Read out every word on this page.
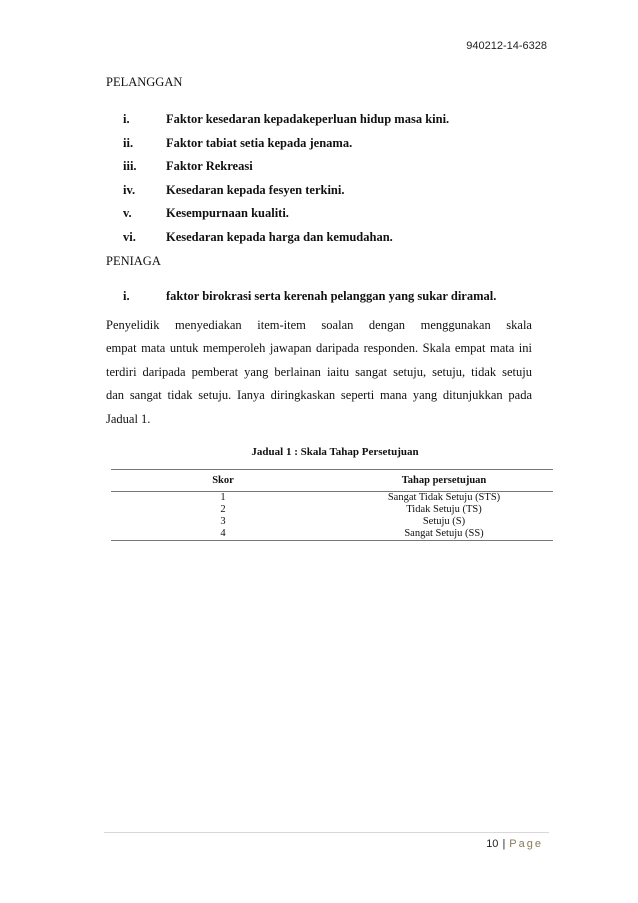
940212-14-6328
PELANGGAN
i.	Faktor kesedaran kepadakeperluan hidup masa kini.
ii.	Faktor tabiat setia kepada jenama.
iii. Faktor Rekreasi
iv. Kesedaran kepada fesyen terkini.
v.	Kesempurnaan kualiti.
vi. Kesedaran kepada harga dan kemudahan.
PENIAGA
i.	faktor birokrasi serta kerenah pelanggan yang sukar diramal.
Penyelidik menyediakan item-item soalan dengan menggunakan skala
empat mata untuk memperoleh jawapan daripada responden. Skala empat mata ini
terdiri daripada pemberat yang berlainan iaitu sangat setuju, setuju, tidak setuju
dan sangat tidak setuju. Ianya diringkaskan seperti mana yang ditunjukkan pada
Jadual 1.
Jadual 1 : Skala Tahap Persetujuan
Skor	Tahap persetujuan
1	Sangat Tidak Setuju (STS)
2	Tidak Setuju (TS)
3	Setuju (S)
4	Sangat Setuju (SS)
10 | Page
